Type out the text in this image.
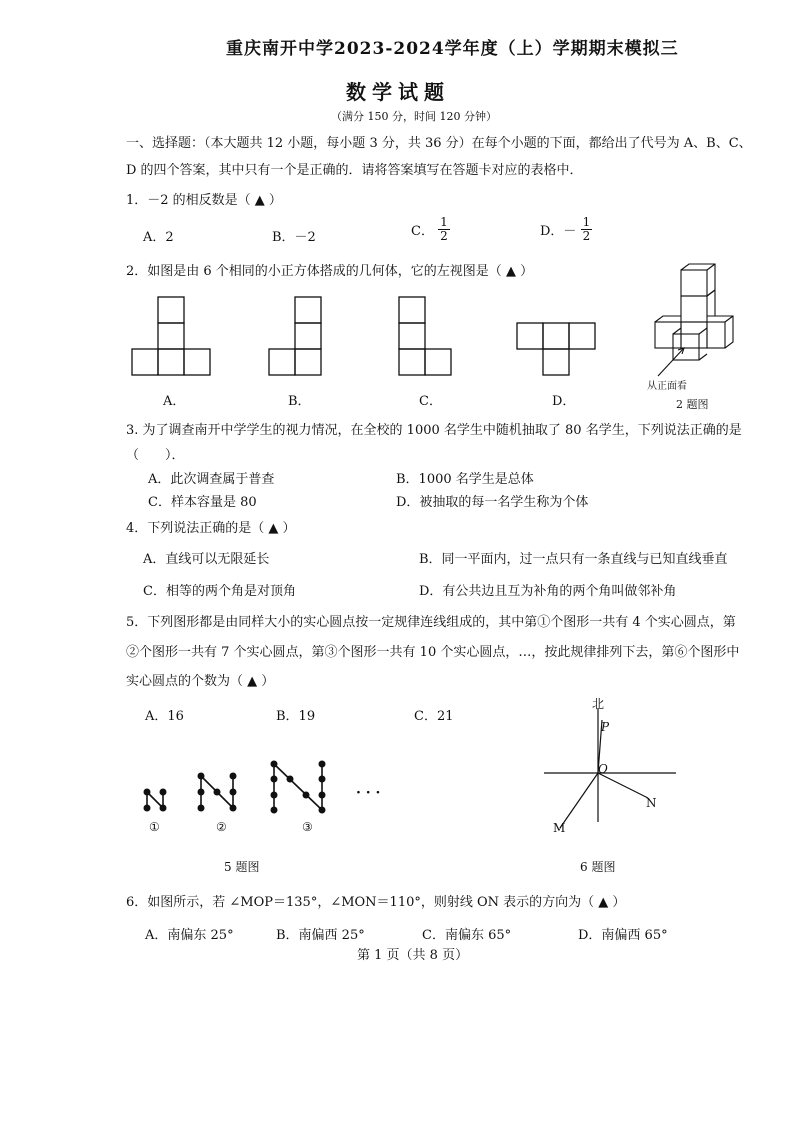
重庆南开中学2023-2024学年度（上）学期期末模拟三
数学试题
（满分 150 分，时间 120 分钟）
一、选择题：（本大题共 12 小题，每小题 3 分，共 36 分）在每个小题的下面，都给出了代号为 A、B、C、
D 的四个答案，其中只有一个是正确的．请将答案填写在答题卡对应的表格中．
1．－2 的相反数是（ ▲ ）
A．2	B．－2	C． $\frac{1}{2}$	D．－ $\frac{1}{2}$
2．如图是由 6 个相同的小正方体搭成的几何体，它的左视图是（ ▲ ）
A．	B．	C．	D．
从正面看
2 题图
3. 为了调查南开中学学生的视力情况，在全校的 1000 名学生中随机抽取了 80 名学生，下列说法正确的是
（　　）．
A．此次调查属于普查	B．1000 名学生是总体
C．样本容量是 80	D．被抽取的每一名学生称为个体
4．下列说法正确的是（ ▲ ）
A．直线可以无限延长	B．同一平面内，过一点只有一条直线与已知直线垂直
C．相等的两个角是对顶角	D．有公共边且互为补角的两个角叫做邻补角
5．下列图形都是由同样大小的实心圆点按一定规律连线组成的，其中第①个图形一共有 4 个实心圆点，第
②个图形一共有 7 个实心圆点，第③个图形一共有 10 个实心圆点，…，按此规律排列下去，第⑥个图形中
实心圆点的个数为（ ▲ ）
A．16	B．19	C．21
①	②	③
· · ·
5 题图
北
P
O
N
M
6 题图
6．如图所示，若 ∠MOP＝135°，∠MON＝110°，则射线 ON 表示的方向为（ ▲ ）
A．南偏东 25°	B．南偏西 25°	C．南偏东 65°	D．南偏西 65°
第 1 页（共 8 页）
